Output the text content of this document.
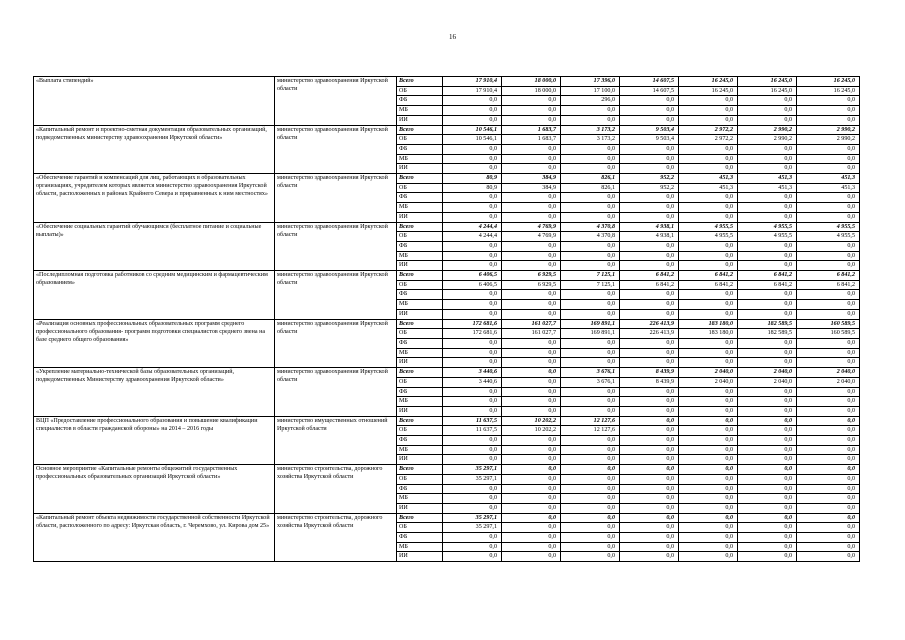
16
«Выплата стипендий»	министерство здравоохранения Иркутской области	Всего	17 910,4	18 000,0	17 396,0	14 607,5	16 245,0	16 245,0	16 245,0
		ОБ	17 910,4	18 000,0	17 100,0	14 607,5	16 245,0	16 245,0	16 245,0
		ФБ	0,0	0,0	296,0	0,0	0,0	0,0	0,0
		МБ	0,0	0,0	0,0	0,0	0,0	0,0	0,0
		ИИ	0,0	0,0	0,0	0,0	0,0	0,0	0,0
«Капитальный ремонт и проектно-сметная документация образовательных организаций, подведомственных министерству здравоохранения Иркутской области»	министерство здравоохранения Иркутской области	Всего	10 546,1	1 683,7	3 173,2	9 503,4	2 972,2	2 990,2	2 990,2
		ОБ	10 546,1	1 683,7	3 173,2	9 503,4	2 972,2	2 990,2	2 990,2
		ФБ	0,0	0,0	0,0	0,0	0,0	0,0	0,0
		МБ	0,0	0,0	0,0	0,0	0,0	0,0	0,0
		ИИ	0,0	0,0	0,0	0,0	0,0	0,0	0,0
«Обеспечение гарантий и компенсаций для лиц, работающих в образовательных организациях, учредителем которых является министерство здравоохранения Иркутской области, расположенных в районах Крайнего Севера и приравненных к ним местностях»	министерство здравоохранения Иркутской области	Всего	80,9	384,9	826,1	952,2	451,3	451,3	451,3
		ОБ	80,9	384,9	826,1	952,2	451,3	451,3	451,3
		ФБ	0,0	0,0	0,0	0,0	0,0	0,0	0,0
		МБ	0,0	0,0	0,0	0,0	0,0	0,0	0,0
		ИИ	0,0	0,0	0,0	0,0	0,0	0,0	0,0
«Обеспечение социальных гарантий обучающимся (бесплатное питание и социальные выплаты)»	министерство здравоохранения Иркутской области	Всего	4 244,4	4 769,9	4 370,8	4 938,1	4 955,5	4 955,5	4 955,5
		ОБ	4 244,4	4 769,9	4 370,8	4 938,1	4 955,5	4 955,5	4 955,5
		ФБ	0,0	0,0	0,0	0,0	0,0	0,0	0,0
		МБ	0,0	0,0	0,0	0,0	0,0	0,0	0,0
		ИИ	0,0	0,0	0,0	0,0	0,0	0,0	0,0
«Последипломная подготовка работников со средним медицинским и фармацевтическим образованием»	министерство здравоохранения Иркутской области	Всего	6 406,5	6 929,5	7 125,1	6 841,2	6 841,2	6 841,2	6 841,2
		ОБ	6 406,5	6 929,5	7 125,1	6 841,2	6 841,2	6 841,2	6 841,2
		ФБ	0,0	0,0	0,0	0,0	0,0	0,0	0,0
		МБ	0,0	0,0	0,0	0,0	0,0	0,0	0,0
		ИИ	0,0	0,0	0,0	0,0	0,0	0,0	0,0
«Реализация основных профессиональных образовательных программ среднего профессионального образования- программ подготовки специалистов среднего звена на базе среднего общего образования»	министерство здравоохранения Иркутской области	Всего	172 681,6	161 027,7	169 891,1	226 413,9	183 180,0	182 589,5	160 589,5
		ОБ	172 681,6	161 027,7	169 891,1	226 413,9	183 180,0	182 589,5	160 589,5
		ФБ	0,0	0,0	0,0	0,0	0,0	0,0	0,0
		МБ	0,0	0,0	0,0	0,0	0,0	0,0	0,0
		ИИ	0,0	0,0	0,0	0,0	0,0	0,0	0,0
«Укрепление материально-технической базы образовательных организаций, подведомственных Министерству здравоохранения Иркутской области»	министерство здравоохранения Иркутской области	Всего	3 440,6	0,0	3 676,1	8 439,9	2 040,0	2 040,0	2 040,0
		ОБ	3 440,6	0,0	3 676,1	8 439,9	2 040,0	2 040,0	2 040,0
		ФБ	0,0	0,0	0,0	0,0	0,0	0,0	0,0
		МБ	0,0	0,0	0,0	0,0	0,0	0,0	0,0
		ИИ	0,0	0,0	0,0	0,0	0,0	0,0	0,0
ВЦП «Предоставление профессионального образования и повышение квалификации специалистов в области гражданской обороны» на 2014 – 2016 годы	министерство имущественных отношений Иркутской области	Всего	11 637,5	10 202,2	12 127,6	0,0	0,0	0,0	0,0
		ОБ	11 637,5	10 202,2	12 127,6	0,0	0,0	0,0	0,0
		ФБ	0,0	0,0	0,0	0,0	0,0	0,0	0,0
		МБ	0,0	0,0	0,0	0,0	0,0	0,0	0,0
		ИИ	0,0	0,0	0,0	0,0	0,0	0,0	0,0
Основное мероприятие «Капитальные ремонты общежитий государственных профессиональных образовательных организаций Иркутской области»	министерство строительства, дорожного хозяйства Иркутской области	Всего	35 297,1	0,0	0,0	0,0	0,0	0,0	0,0
		ОБ	35 297,1	0,0	0,0	0,0	0,0	0,0	0,0
		ФБ	0,0	0,0	0,0	0,0	0,0	0,0	0,0
		МБ	0,0	0,0	0,0	0,0	0,0	0,0	0,0
		ИИ	0,0	0,0	0,0	0,0	0,0	0,0	0,0
«Капитальный ремонт объекта недвижимости государственной собственности Иркутской области, расположенного по адресу: Иркутская область, г. Черемхово, ул. Кирова дом 25»	министерство строительства, дорожного хозяйства Иркутской области	Всего	35 297,1	0,0	0,0	0,0	0,0	0,0	0,0
		ОБ	35 297,1	0,0	0,0	0,0	0,0	0,0	0,0
		ФБ	0,0	0,0	0,0	0,0	0,0	0,0	0,0
		МБ	0,0	0,0	0,0	0,0	0,0	0,0	0,0
		ИИ	0,0	0,0	0,0	0,0	0,0	0,0	0,0
